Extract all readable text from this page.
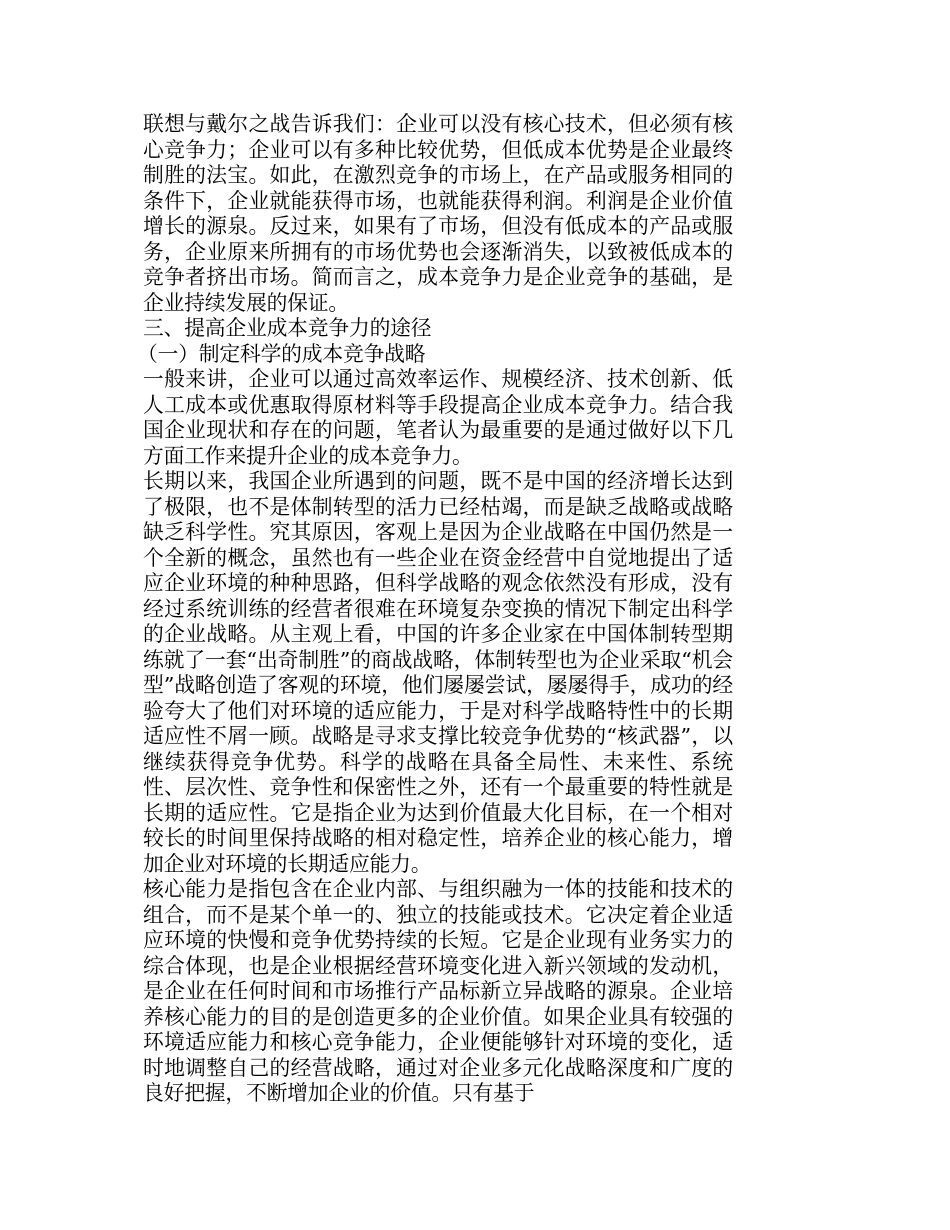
联想与戴尔之战告诉我们：企业可以没有核心技术，但必须有核心竞争力；企业可以有多种比较优势，但低成本优势是企业最终制胜的法宝。如此，在激烈竞争的市场上，在产品或服务相同的条件下，企业就能获得市场，也就能获得利润。利润是企业价值增长的源泉。反过来，如果有了市场，但没有低成本的产品或服务，企业原来所拥有的市场优势也会逐渐消失，以致被低成本的竞争者挤出市场。简而言之，成本竞争力是企业竞争的基础，是企业持续发展的保证。

三、提高企业成本竞争力的途径

（一）制定科学的成本竞争战略

一般来讲，企业可以通过高效率运作、规模经济、技术创新、低人工成本或优惠取得原材料等手段提高企业成本竞争力。结合我国企业现状和存在的问题，笔者认为最重要的是通过做好以下几方面工作来提升企业的成本竞争力。

长期以来，我国企业所遇到的问题，既不是中国的经济增长达到了极限，也不是体制转型的活力已经枯竭，而是缺乏战略或战略缺乏科学性。究其原因，客观上是因为企业战略在中国仍然是一个全新的概念，虽然也有一些企业在资金经营中自觉地提出了适应企业环境的种种思路，但科学战略的观念依然没有形成，没有经过系统训练的经营者很难在环境复杂变换的情况下制定出科学的企业战略。从主观上看，中国的许多企业家在中国体制转型期练就了一套“出奇制胜”的商战战略，体制转型也为企业采取“机会型”战略创造了客观的环境，他们屡屡尝试，屡屡得手，成功的经验夸大了他们对环境的适应能力，于是对科学战略特性中的长期适应性不屑一顾。战略是寻求支撑比较竞争优势的“核武器”，以继续获得竞争优势。科学的战略在具备全局性、未来性、系统性、层次性、竞争性和保密性之外，还有一个最重要的特性就是长期的适应性。它是指企业为达到价值最大化目标，在一个相对较长的时间里保持战略的相对稳定性，培养企业的核心能力，增加企业对环境的长期适应能力。

核心能力是指包含在企业内部、与组织融为一体的技能和技术的组合，而不是某个单一的、独立的技能或技术。它决定着企业适应环境的快慢和竞争优势持续的长短。它是企业现有业务实力的综合体现，也是企业根据经营环境变化进入新兴领域的发动机，是企业在任何时间和市场推行产品标新立异战略的源泉。企业培养核心能力的目的是创造更多的企业价值。如果企业具有较强的环境适应能力和核心竞争能力，企业便能够针对环境的变化，适时地调整自己的经营战略，通过对企业多元化战略深度和广度的良好把握，不断增加企业的价值。只有基于
